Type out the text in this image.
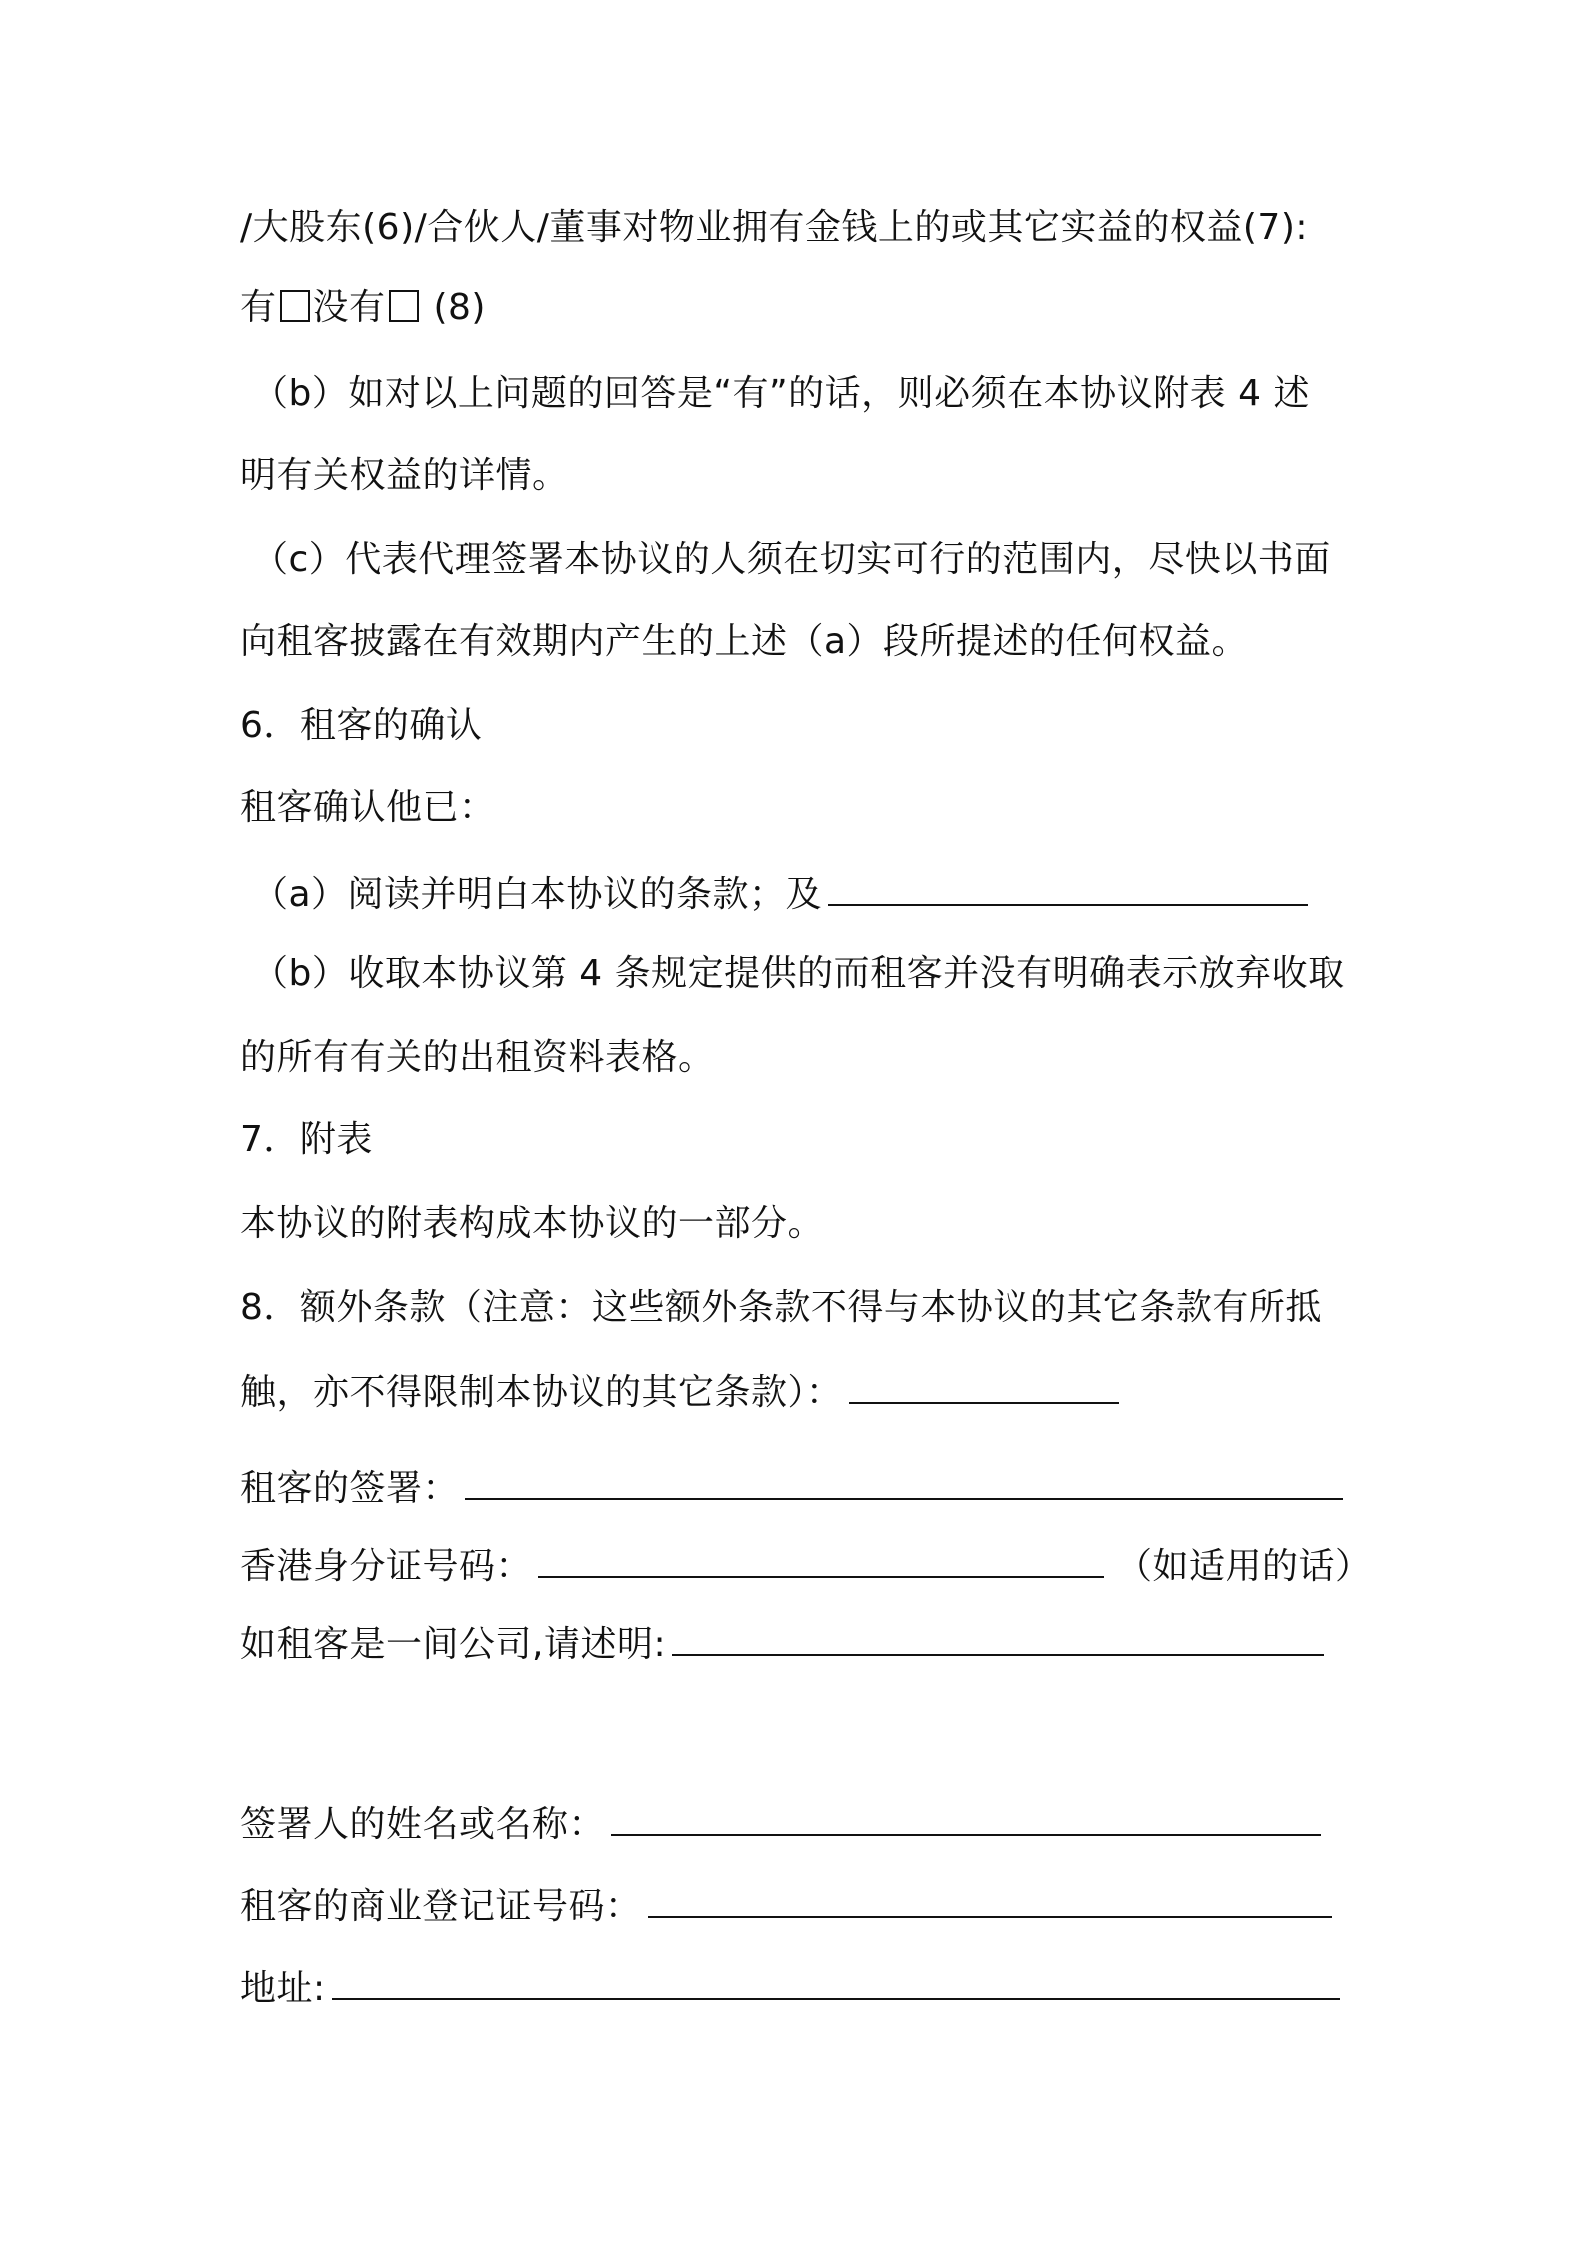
/大股东(6)/合伙人/董事对物业拥有金钱上的或其它实益的权益(7):
有 没有 (8)
（b）如对以上问题的回答是“有”的话，则必须在本协议附表 4 述
明有关权益的详情。
（c）代表代理签署本协议的人须在切实可行的范围内，尽快以书面
向租客披露在有效期内产生的上述（a）段所提述的任何权益。
6．租客的确认
租客确认他已：
（a）阅读并明白本协议的条款；及
（b）收取本协议第 4 条规定提供的而租客并没有明确表示放弃收取
的所有有关的出租资料表格。
7．附表
本协议的附表构成本协议的一部分。
8．额外条款（注意：这些额外条款不得与本协议的其它条款有所抵
触，亦不得限制本协议的其它条款）：
租客的签署：
香港身分证号码：	（如适用的话）
如租客是一间公司,请述明:
签署人的姓名或名称：
租客的商业登记证号码：
地址:
